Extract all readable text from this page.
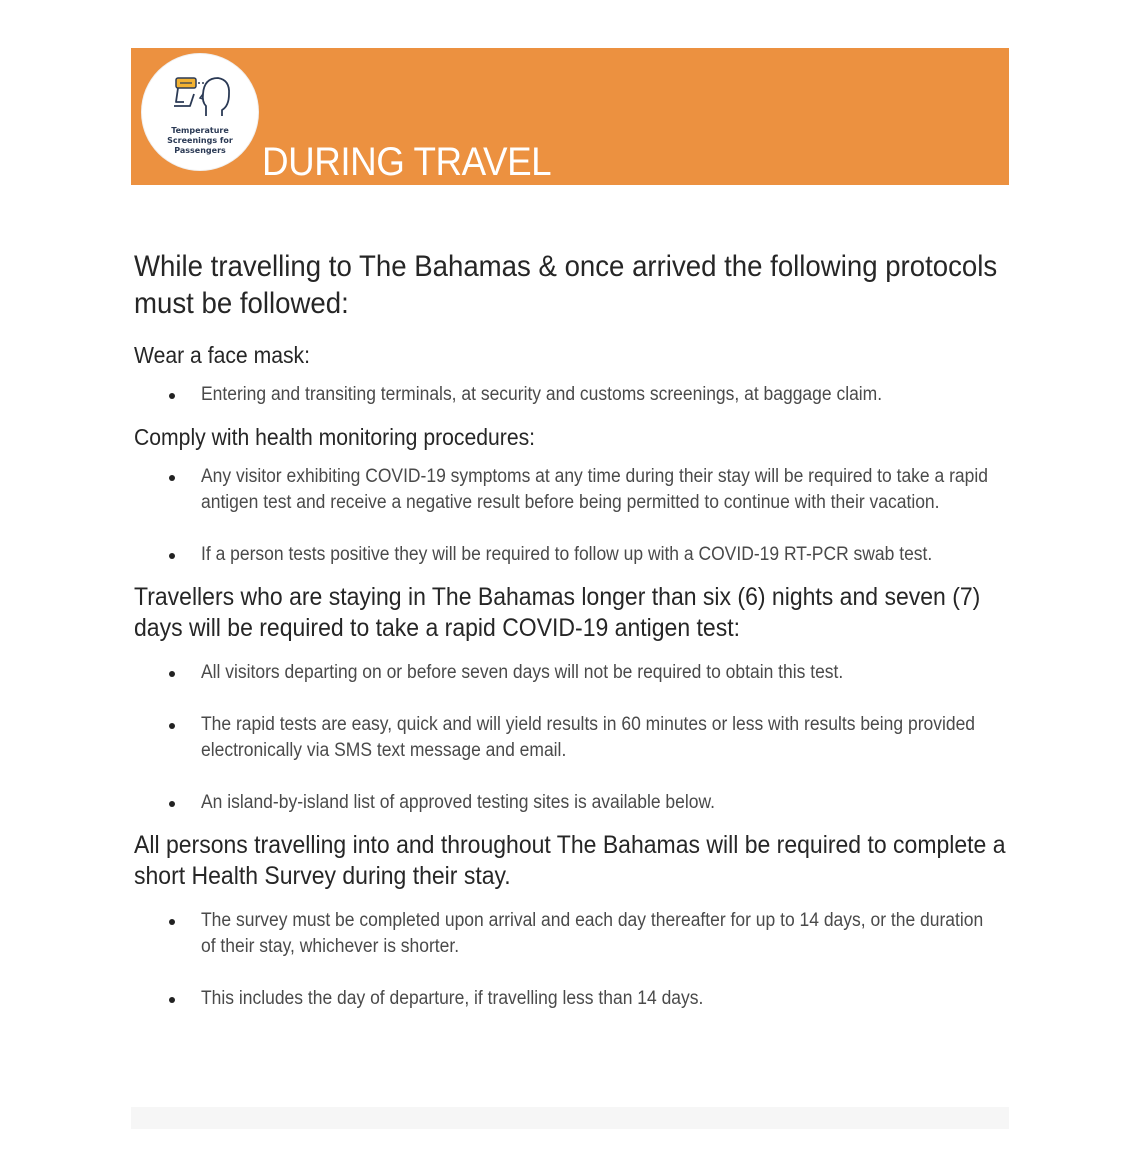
Temperature
Screenings for
Passengers DURING TRAVEL

While travelling to The Bahamas & once arrived the following protocols must be followed:

Wear a face mask:

Entering and transiting terminals, at security and customs screenings, at baggage claim.

Comply with health monitoring procedures:

Any visitor exhibiting COVID-19 symptoms at any time during their stay will be required to take a rapid antigen test and receive a negative result before being permitted to continue with their vacation.
If a person tests positive they will be required to follow up with a COVID-19 RT-PCR swab test.

Travellers who are staying in The Bahamas longer than six (6) nights and seven (7) days will be required to take a rapid COVID-19 antigen test:

All visitors departing on or before seven days will not be required to obtain this test.
The rapid tests are easy, quick and will yield results in 60 minutes or less with results being provided electronically via SMS text message and email.
An island-by-island list of approved testing sites is available below.

All persons travelling into and throughout The Bahamas will be required to complete a short Health Survey during their stay.

The survey must be completed upon arrival and each day thereafter for up to 14 days, or the duration of their stay, whichever is shorter.
This includes the day of departure, if travelling less than 14 days.
